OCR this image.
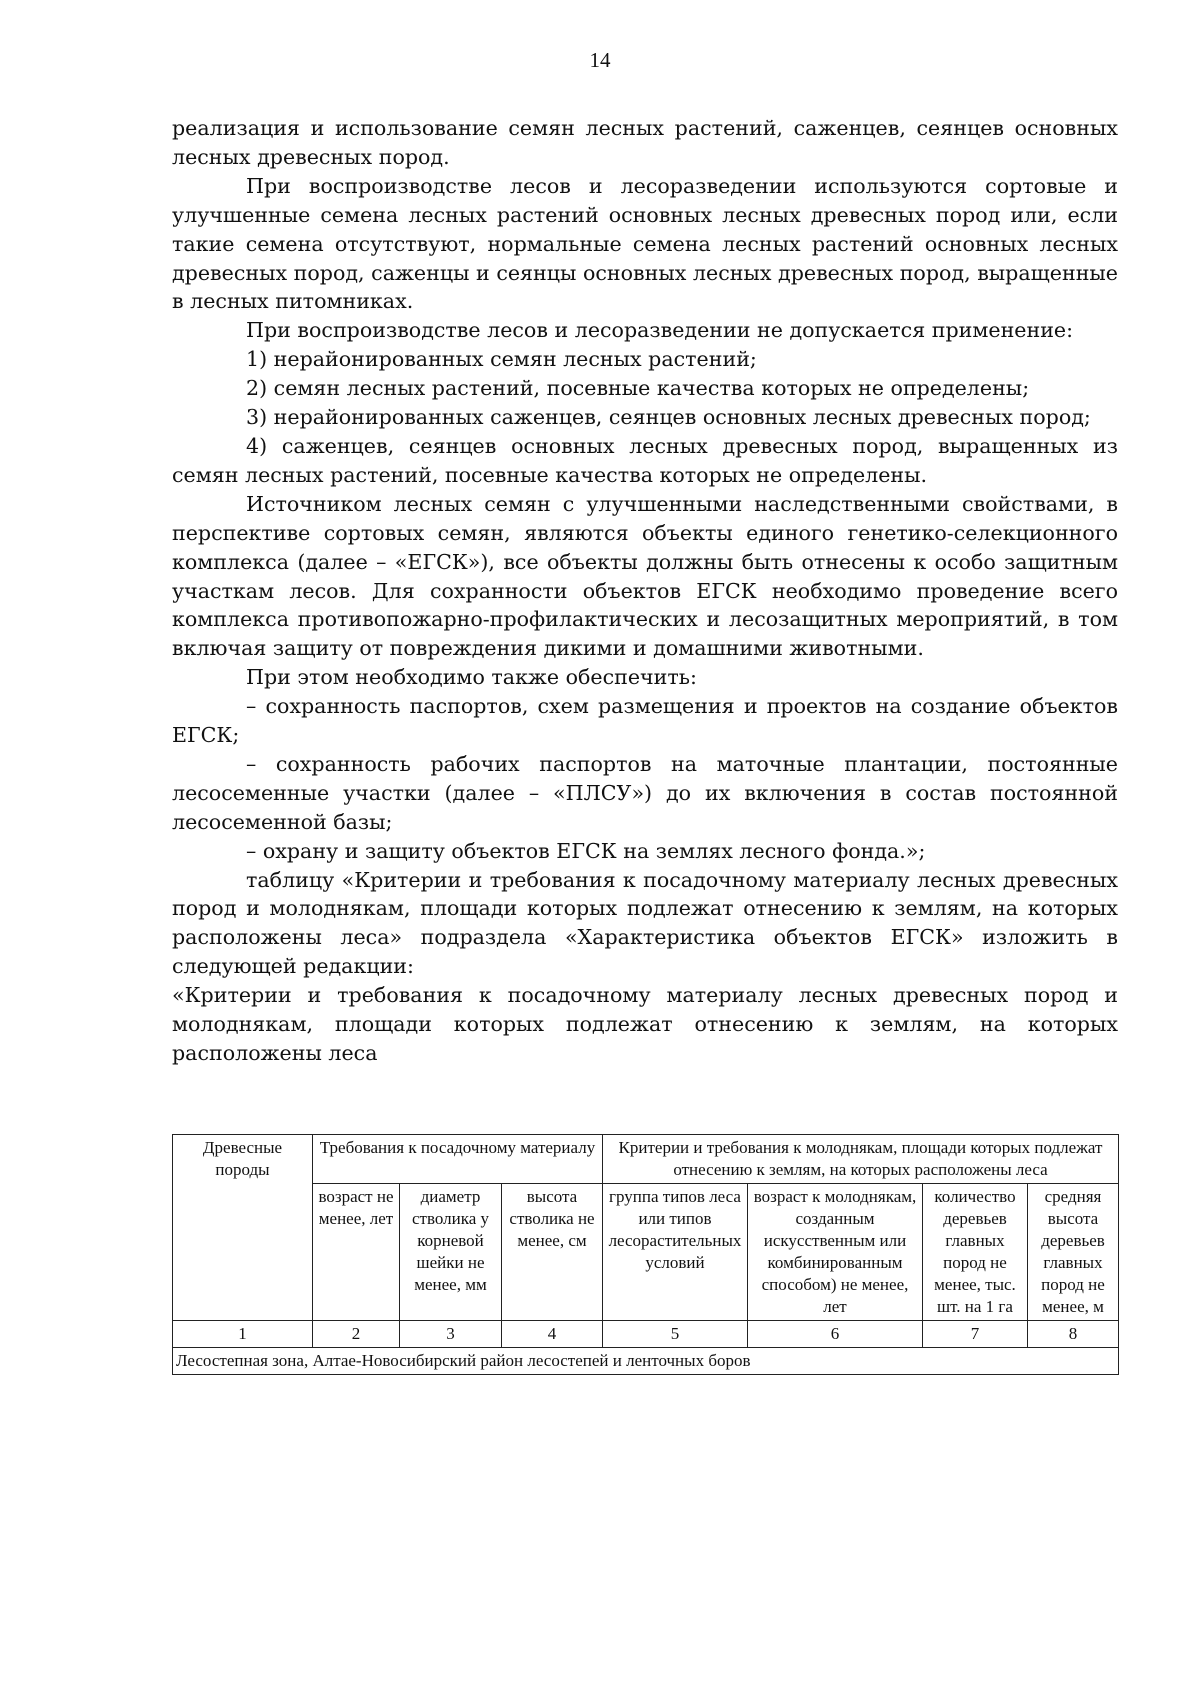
14

реализация и использование семян лесных растений, саженцев, сеянцев основных лесных древесных пород.

При воспроизводстве лесов и лесоразведении используются сортовые и улучшенные семена лесных растений основных лесных древесных пород или, если такие семена отсутствуют, нормальные семена лесных растений основных лесных древесных пород, саженцы и сеянцы основных лесных древесных пород, выращенные в лесных питомниках.

При воспроизводстве лесов и лесоразведении не допускается применение:

1) нерайонированных семян лесных растений;

2) семян лесных растений, посевные качества которых не определены;

3) нерайонированных саженцев, сеянцев основных лесных древесных пород;

4) саженцев, сеянцев основных лесных древесных пород, выращенных из семян лесных растений, посевные качества которых не определены.

Источником лесных семян с улучшенными наследственными свойствами, в перспективе сортовых семян, являются объекты единого генетико-селекционного комплекса (далее – «ЕГСК»), все объекты должны быть отнесены к особо защитным участкам лесов. Для сохранности объектов ЕГСК необходимо проведение всего комплекса противопожарно-профилактических и лесозащитных мероприятий, в том включая защиту от повреждения дикими и домашними животными.

При этом необходимо также обеспечить:

– сохранность паспортов, схем размещения и проектов на создание объектов ЕГСК;

– сохранность рабочих паспортов на маточные плантации, постоянные лесосеменные участки (далее – «ПЛСУ») до их включения в состав постоянной лесосеменной базы;

– охрану и защиту объектов ЕГСК на землях лесного фонда.»;

таблицу «Критерии и требования к посадочному материалу лесных древесных пород и молоднякам, площади которых подлежат отнесению к землям, на которых расположены леса» подраздела «Характеристика объектов ЕГСК» изложить в следующей редакции:

«Критерии и требования к посадочному материалу лесных древесных пород и молоднякам, площади которых подлежат отнесению к землям, на которых расположены леса

Древесные породы	Требования к посадочному материалу			Критерии и требования к молоднякам, площади которых подлежат отнесению к землям, на которых расположены леса			
	возраст не менее, лет	диаметр стволика у корневой шейки не менее, мм	высота стволика не менее, см	группа типов леса или типов лесорастительных условий	возраст к молоднякам, созданным искусственным или комбинированным способом) не менее, лет	количество деревьев главных пород не менее, тыс. шт. на 1 га	средняя высота деревьев главных пород не менее, м
1	2	3	4	5	6	7	8
Лесостепная зона, Алтае-Новосибирский район лесостепей и ленточных боров							
